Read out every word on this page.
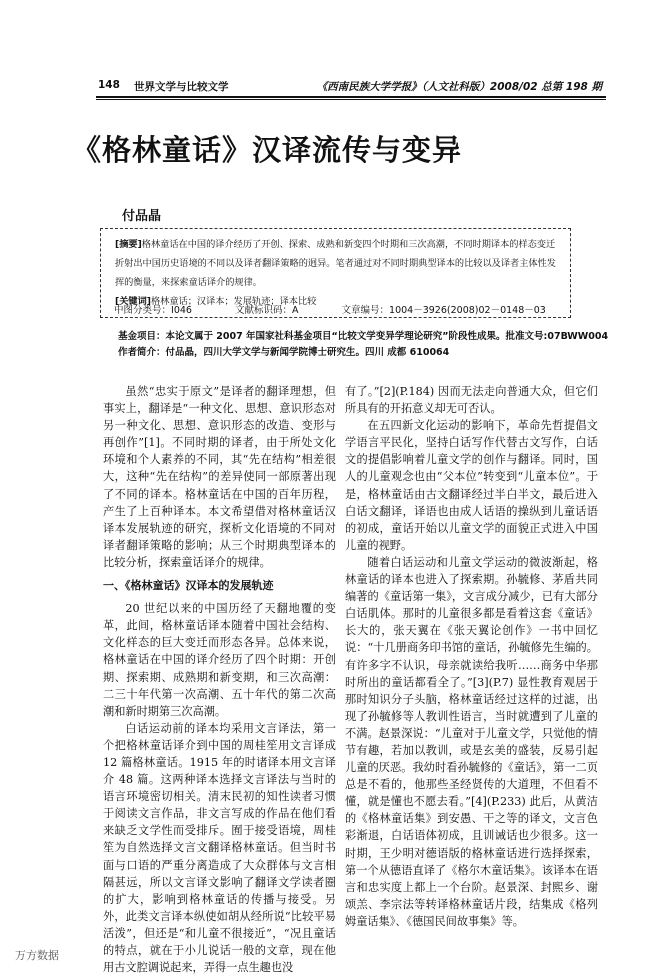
148 世界文学与比较文学	《西南民族大学学报》（人文社科版）2008/02 总第 198 期
《格林童话》汉译流传与变异
付品晶
[摘要]格林童话在中国的译介经历了开创、探索、成熟和新变四个时期和三次高潮，不同时期译本的样态变迁折射出中国历史语境的不同以及译者翻译策略的迥异。笔者通过对不同时期典型译本的比较以及译者主体性发挥的衡量，来探索童话译介的规律。
[关键词]格林童话；汉译本；发展轨迹；译本比较
中图分类号：I046	文献标识码：A	文章编号：1004－3926(2008)02－0148－03
基金项目：本论文属于 2007 年国家社科基金项目“比较文学变异学理论研究”阶段性成果。批准文号:07BWW004
作者简介：付品晶，四川大学文学与新闻学院博士研究生。四川 成都 610064

虽然“忠实于原文”是译者的翻译理想，但事实上，翻译是“一种文化、思想、意识形态对另一种文化、思想、意识形态的改造、变形与再创作”[1]。不同时期的译者，由于所处文化环境和个人素养的不同，其“先在结构”相差很大，这种“先在结构”的差异使同一部原著出现了不同的译本。格林童话在中国的百年历程，产生了上百种译本。本文希望借对格林童话汉译本发展轨迹的研究，探析文化语境的不同对译者翻译策略的影响；从三个时期典型译本的比较分析，探索童话译介的规律。

一、《格林童话》汉译本的发展轨迹

20 世纪以来的中国历经了天翻地覆的变革，此间，格林童话译本随着中国社会结构、文化样态的巨大变迁而形态各异。总体来说，格林童话在中国的译介经历了四个时期：开创期、探索期、成熟期和新变期，和三次高潮：二三十年代第一次高潮、五十年代的第二次高潮和新时期第三次高潮。

白话运动前的译本均采用文言译法，第一个把格林童话译介到中国的周桂笙用文言译成 12 篇格林童话。1915 年的时诸译本用文言译介 48 篇。这两种译本选择文言译法与当时的语言环境密切相关。清末民初的知性读者习惯于阅读文言作品，非文言写成的作品在他们看来缺乏文学性而受排斥。囿于接受语境，周桂笙为自然选择文言文翻译格林童话。但当时书面与口语的严重分离造成了大众群体与文言相隔甚远，所以文言译文影响了翻译文学读者圈的扩大，影响到格林童话的传播与接受。另外，此类文言译本纵使如胡从经所说“比较平易活泼”，但还是“和儿童不很接近”，“况且童话的特点，就在于小儿说话一般的文章，现在他用古文腔调说起来，弄得一点生趣也没

有了。”[2](P.184) 因而无法走向普通大众，但它们所具有的开拓意义却无可否认。

在五四新文化运动的影响下，革命先哲提倡文学语言平民化，坚持白话写作代替古文写作，白话文的提倡影响着儿童文学的创作与翻译。同时，国人的儿童观念也由“父本位”转变到“儿童本位”。于是，格林童话由古文翻译经过半白半文，最后进入白话文翻译，译语也由成人话语的操纵到儿童话语的初成，童话开始以儿童文学的面貌正式进入中国儿童的视野。

随着白话运动和儿童文学运动的微波渐起，格林童话的译本也进入了探索期。孙毓修、茅盾共同编著的《童话第一集》，文言成分减少，已有大部分白话肌体。那时的儿童很多都是看着这套《童话》长大的，张天翼在《张天翼论创作》一书中回忆说：“十几册商务印书馆的童话，孙毓修先生编的。有许多字不认识，母亲就读给我听……商务中华那时所出的童话都看全了。”[3](P.7) 显性教育观居于那时知识分子头脑，格林童话经过这样的过滤，出现了孙毓修等人教训性语言，当时就遭到了儿童的不满。赵景深说：“儿童对于儿童文学，只觉他的情节有趣，若加以教训，或是玄美的盛装，反易引起儿童的厌恶。我幼时看孙毓修的《童话》，第一二页总是不看的，他那些圣经贤传的大道理，不但看不懂，就是懂也不愿去看。”[4](P.233) 此后，从黄洁的《格林童话集》到安愚、干之等的译文，文言色彩渐退，白话语体初成，且训诫话也少很多。这一时期，王少明对德语版的格林童话进行选择探索，第一个从德语直译了《格尔木童话集》。该译本在语言和忠实度上都上一个台阶。赵景深、封熙乡、谢颂羔、李宗法等转译格林童话片段，结集成《格列姆童话集》、《德国民间故事集》等。

万方数据
